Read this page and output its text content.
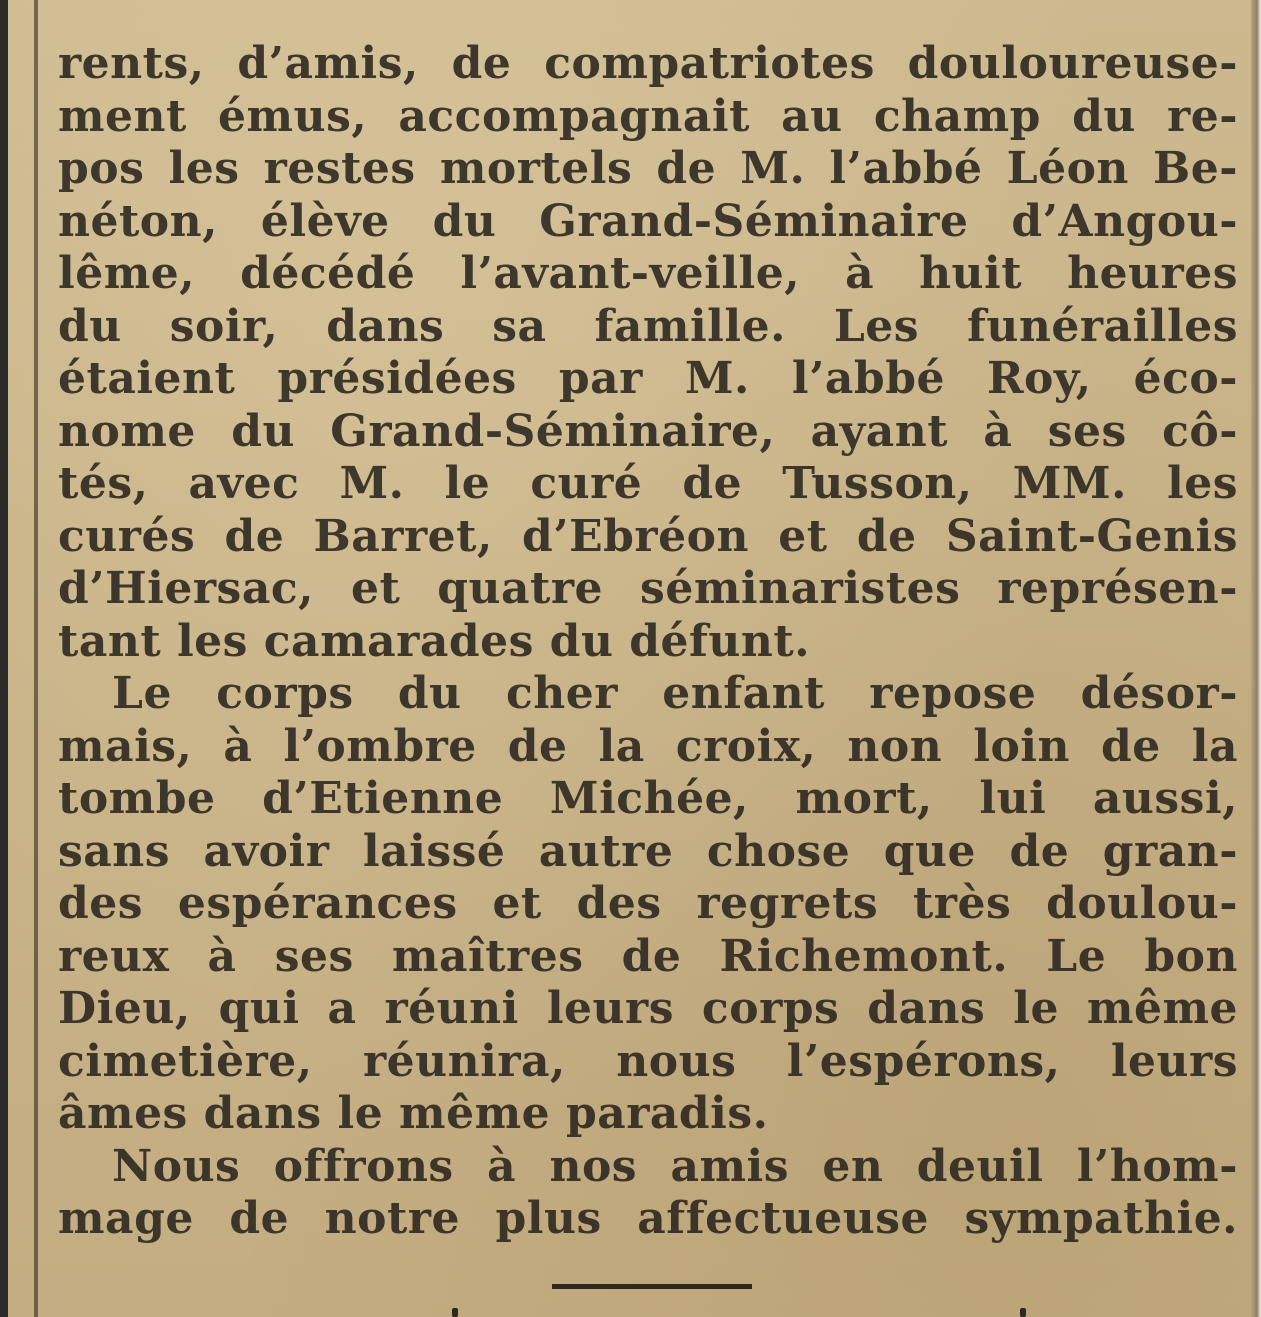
rents, d’amis, de compatriotes douloureuse-
ment émus, accompagnait au champ du re-
pos les restes mortels de M. l’abbé Léon Be-
néton, élève du Grand-Séminaire d’Angou-
lême, décédé l’avant-veille, à huit heures
du soir, dans sa famille. Les funérailles
étaient présidées par M. l’abbé Roy, éco-
nome du Grand-Séminaire, ayant à ses cô-
tés, avec M. le curé de Tusson, MM. les
curés de Barret, d’Ebréon et de Saint-Genis
d’Hiersac, et quatre séminaristes représen-
tant les camarades du défunt.
Le corps du cher enfant repose désor-
mais, à l’ombre de la croix, non loin de la
tombe d’Etienne Michée, mort, lui aussi,
sans avoir laissé autre chose que de gran-
des espérances et des regrets très doulou-
reux à ses maîtres de Richemont. Le bon
Dieu, qui a réuni leurs corps dans le même
cimetière, réunira, nous l’espérons, leurs
âmes dans le même paradis.
Nous offrons à nos amis en deuil l’hom-
mage de notre plus affectueuse sympathie.
